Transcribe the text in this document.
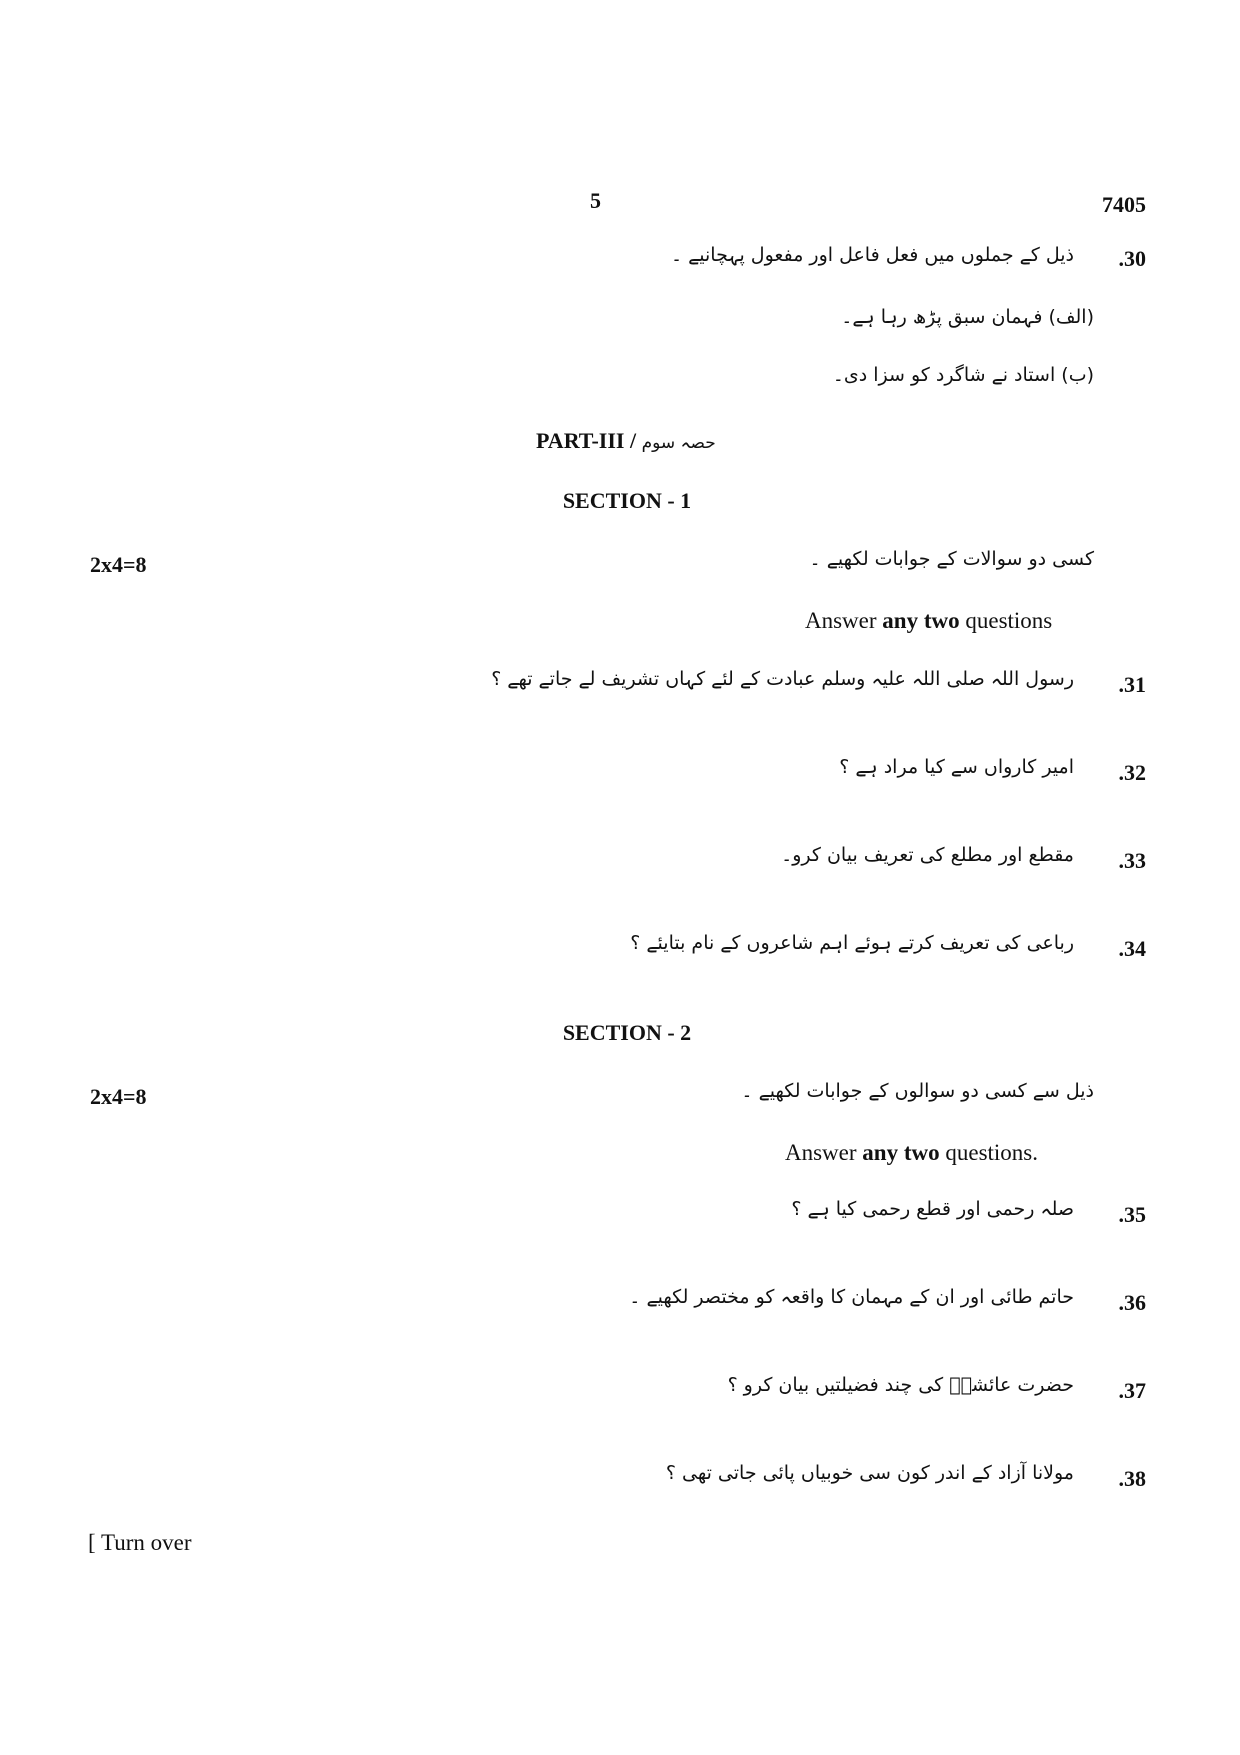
5	7405
.30
ذیل کے جملوں میں فعل فاعل اور مفعول پہچانیے ۔
(الف) فہمان سبق پڑھ رہا ہے۔
(ب) استاد نے شاگرد کو سزا دی۔
PART-III / حصہ سوم
SECTION - 1
2x4=8	کسی دو سوالات کے جوابات لکھیے ۔
Answer any two questions
.31
رسول اللہ صلی اللہ علیہ وسلم عبادت کے لئے کہاں تشریف لے جاتے تھے ؟
.32
امیر کارواں سے کیا مراد ہے ؟
.33
مقطع اور مطلع کی تعریف بیان کرو۔
.34
رباعی کی تعریف کرتے ہوئے اہم شاعروں کے نام بتایئے ؟
SECTION - 2
2x4=8	ذیل سے کسی دو سوالوں کے جوابات لکھیے ۔
Answer any two questions.
.35
صلہ رحمی اور قطع رحمی کیا ہے ؟
.36
حاتم طائی اور ان کے مہمان کا واقعہ کو مختصر لکھیے ۔
.37
حضرت عائشہؓ کی چند فضیلتیں بیان کرو ؟
.38
مولانا آزاد کے اندر کون سی خوبیاں پائی جاتی تھی ؟
[ Turn over
